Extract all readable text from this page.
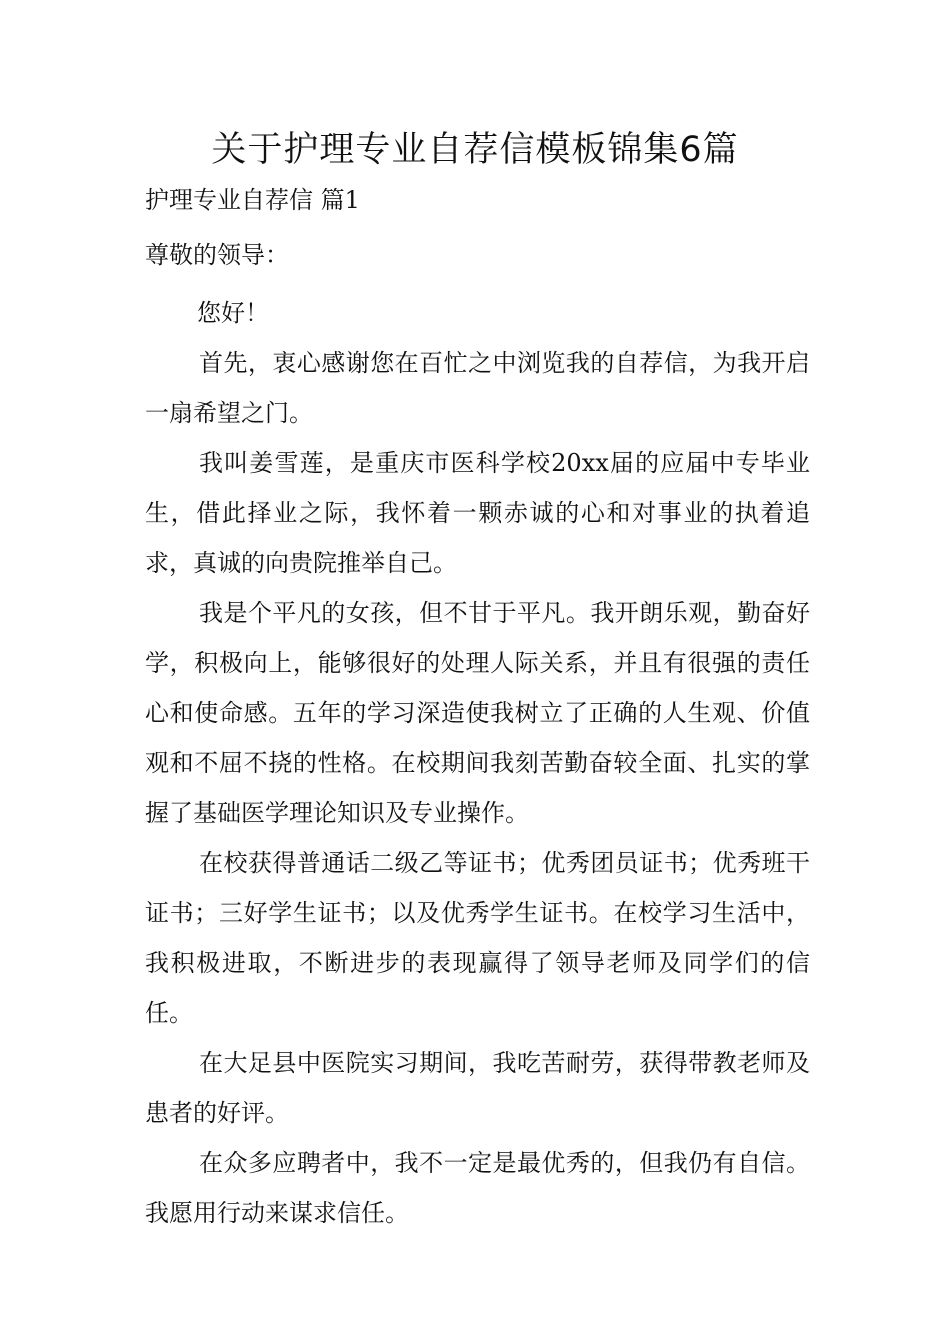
关于护理专业自荐信模板锦集6篇

护理专业自荐信 篇1

尊敬的领导：

您好！

首先，衷心感谢您在百忙之中浏览我的自荐信，为我开启一扇希望之门。

我叫姜雪莲，是重庆市医科学校20xx届的应届中专毕业生，借此择业之际，我怀着一颗赤诚的心和对事业的执着追求，真诚的向贵院推举自己。

我是个平凡的女孩，但不甘于平凡。我开朗乐观，勤奋好学，积极向上，能够很好的处理人际关系，并且有很强的责任心和使命感。五年的学习深造使我树立了正确的人生观、价值观和不屈不挠的性格。在校期间我刻苦勤奋较全面、扎实的掌握了基础医学理论知识及专业操作。

在校获得普通话二级乙等证书；优秀团员证书；优秀班干证书；三好学生证书；以及优秀学生证书。在校学习生活中，我积极进取，不断进步的表现赢得了领导老师及同学们的信任。

在大足县中医院实习期间，我吃苦耐劳，获得带教老师及患者的好评。

在众多应聘者中，我不一定是最优秀的，但我仍有自信。我愿用行动来谋求信任。
